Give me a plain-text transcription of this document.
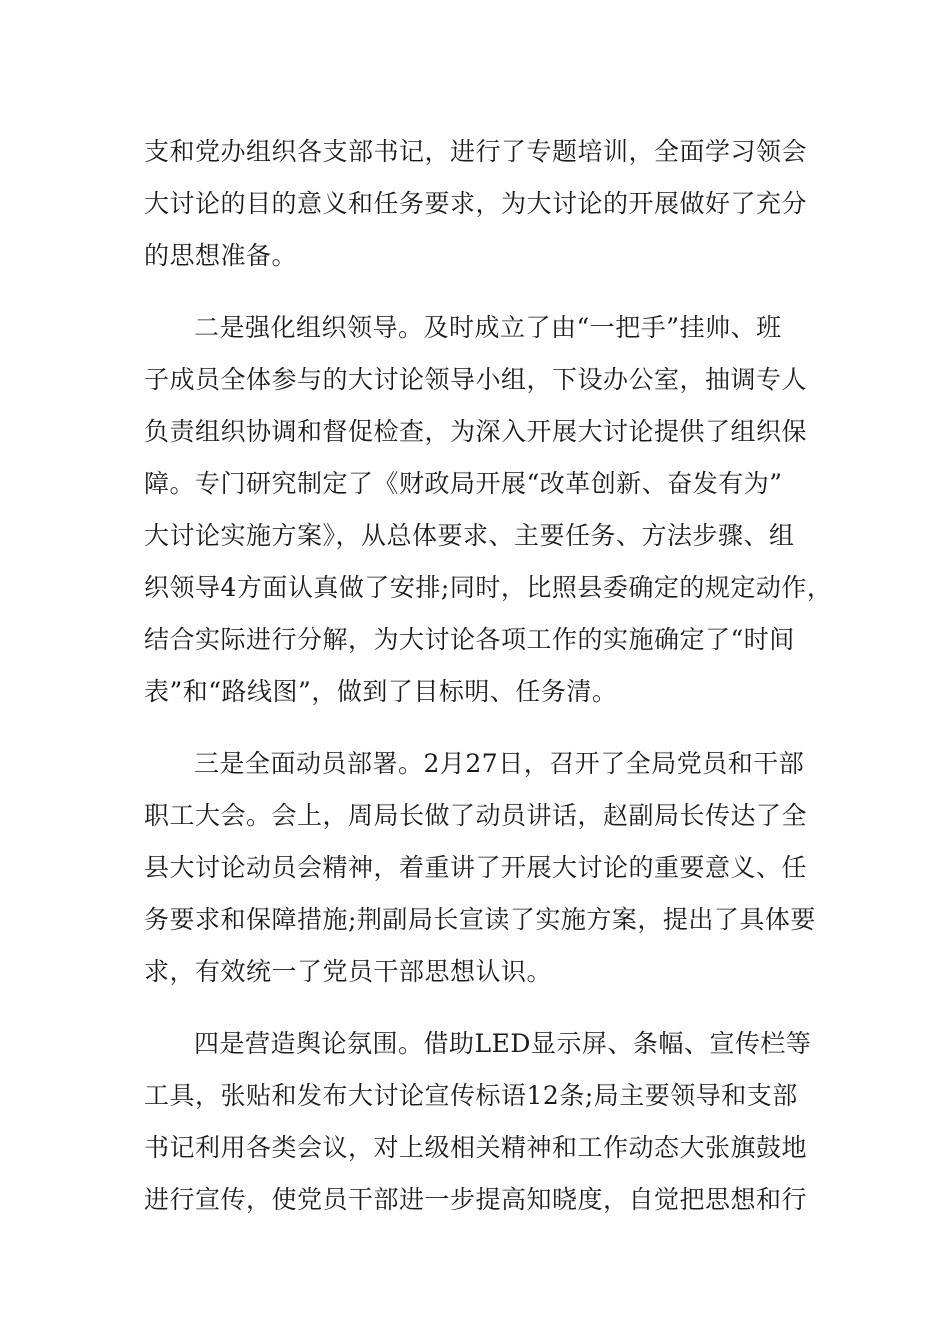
支和党办组织各支部书记，进行了专题培训，全面学习领会
大讨论的目的意义和任务要求，为大讨论的开展做好了充分
的思想准备。
二是强化组织领导。及时成立了由“一把手”挂帅、班
子成员全体参与的大讨论领导小组，下设办公室，抽调专人
负责组织协调和督促检查，为深入开展大讨论提供了组织保
障。专门研究制定了《财政局开展“改革创新、奋发有为”
大讨论实施方案》，从总体要求、主要任务、方法步骤、组
织领导4方面认真做了安排;同时，比照县委确定的规定动作，
结合实际进行分解，为大讨论各项工作的实施确定了“时间
表”和“路线图”，做到了目标明、任务清。
三是全面动员部署。2月27日，召开了全局党员和干部
职工大会。会上，周局长做了动员讲话，赵副局长传达了全
县大讨论动员会精神，着重讲了开展大讨论的重要意义、任
务要求和保障措施;荆副局长宣读了实施方案，提出了具体要
求，有效统一了党员干部思想认识。
四是营造舆论氛围。借助LED显示屏、条幅、宣传栏等
工具，张贴和发布大讨论宣传标语12条;局主要领导和支部
书记利用各类会议，对上级相关精神和工作动态大张旗鼓地
进行宣传，使党员干部进一步提高知晓度，自觉把思想和行
